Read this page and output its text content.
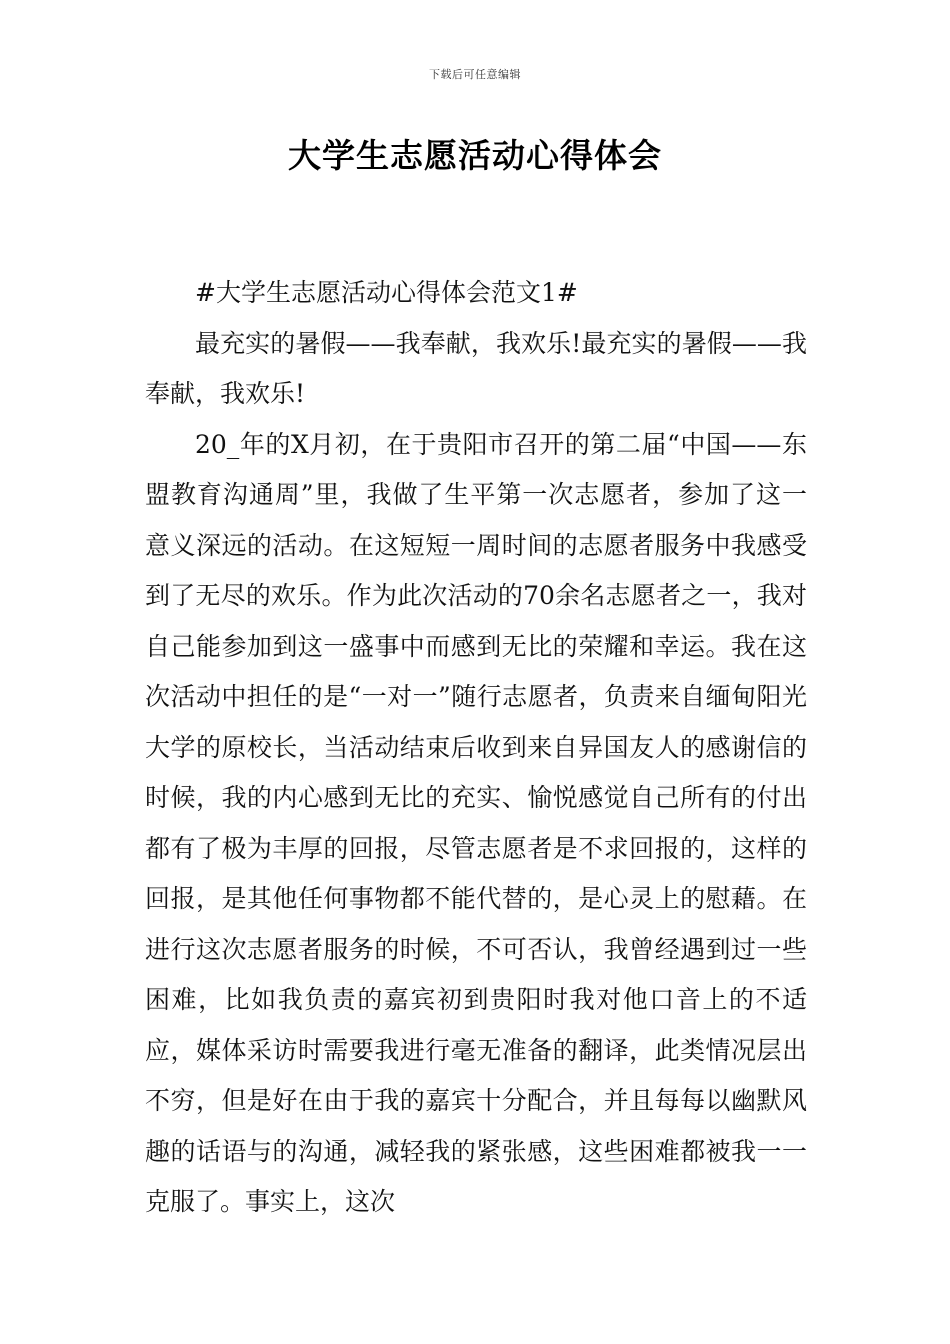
下载后可任意编辑
大学生志愿活动心得体会

#大学生志愿活动心得体会范文1#

最充实的暑假——我奉献，我欢乐!最充实的暑假——我奉献，我欢乐!

20_年的X月初，在于贵阳市召开的第二届“中国——东盟教育沟通周”里，我做了生平第一次志愿者，参加了这一意义深远的活动。在这短短一周时间的志愿者服务中我感受到了无尽的欢乐。作为此次活动的70余名志愿者之一，我对自己能参加到这一盛事中而感到无比的荣耀和幸运。我在这次活动中担任的是“一对一”随行志愿者，负责来自缅甸阳光大学的原校长，当活动结束后收到来自异国友人的感谢信的时候，我的内心感到无比的充实、愉悦感觉自己所有的付出都有了极为丰厚的回报，尽管志愿者是不求回报的，这样的回报，是其他任何事物都不能代替的，是心灵上的慰藉。在进行这次志愿者服务的时候，不可否认，我曾经遇到过一些困难，比如我负责的嘉宾初到贵阳时我对他口音上的不适应，媒体采访时需要我进行毫无准备的翻译，此类情况层出不穷，但是好在由于我的嘉宾十分配合，并且每每以幽默风趣的话语与的沟通，减轻我的紧张感，这些困难都被我一一克服了。事实上，这次
